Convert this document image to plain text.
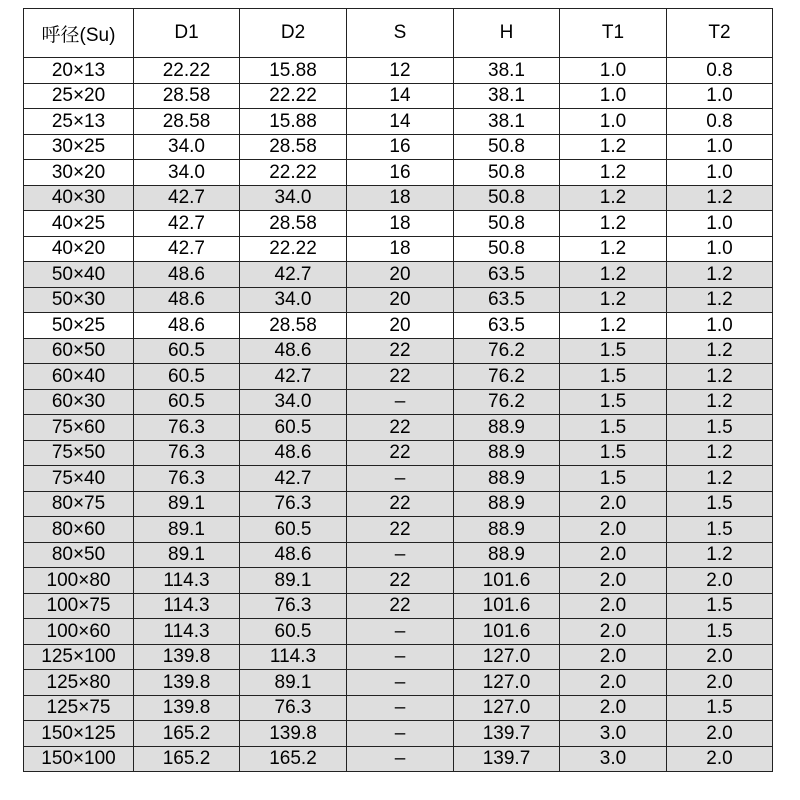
呼径(Su)	D1	D2	S	H	T1	T2
20×13	22.22	15.88	12	38.1	1.0	0.8
25×20	28.58	22.22	14	38.1	1.0	1.0
25×13	28.58	15.88	14	38.1	1.0	0.8
30×25	34.0	28.58	16	50.8	1.2	1.0
30×20	34.0	22.22	16	50.8	1.2	1.0
40×30	42.7	34.0	18	50.8	1.2	1.2
40×25	42.7	28.58	18	50.8	1.2	1.0
40×20	42.7	22.22	18	50.8	1.2	1.0
50×40	48.6	42.7	20	63.5	1.2	1.2
50×30	48.6	34.0	20	63.5	1.2	1.2
50×25	48.6	28.58	20	63.5	1.2	1.0
60×50	60.5	48.6	22	76.2	1.5	1.2
60×40	60.5	42.7	22	76.2	1.5	1.2
60×30	60.5	34.0	–	76.2	1.5	1.2
75×60	76.3	60.5	22	88.9	1.5	1.5
75×50	76.3	48.6	22	88.9	1.5	1.2
75×40	76.3	42.7	–	88.9	1.5	1.2
80×75	89.1	76.3	22	88.9	2.0	1.5
80×60	89.1	60.5	22	88.9	2.0	1.5
80×50	89.1	48.6	–	88.9	2.0	1.2
100×80	114.3	89.1	22	101.6	2.0	2.0
100×75	114.3	76.3	22	101.6	2.0	1.5
100×60	114.3	60.5	–	101.6	2.0	1.5
125×100	139.8	114.3	–	127.0	2.0	2.0
125×80	139.8	89.1	–	127.0	2.0	2.0
125×75	139.8	76.3	–	127.0	2.0	1.5
150×125	165.2	139.8	–	139.7	3.0	2.0
150×100	165.2	165.2	–	139.7	3.0	2.0
